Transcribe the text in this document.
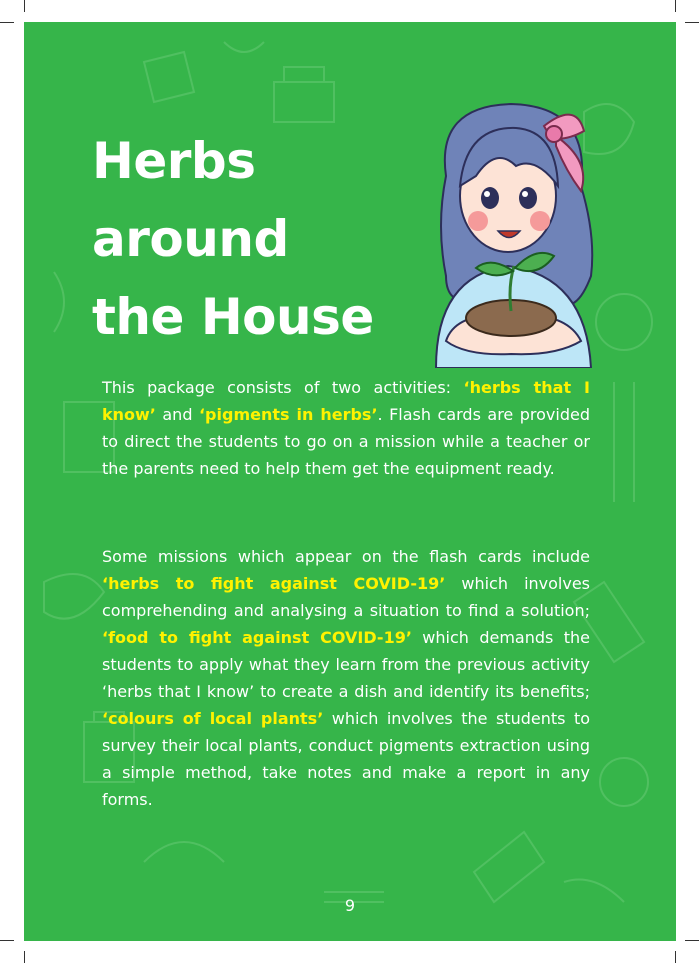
Herbs
around
the House

This package consists of two activities: ‘herbs that I know’ and ‘pigments in herbs’. Flash cards are provided to direct the students to go on a mission while a teacher or the parents need to help them get the equipment ready.

Some missions which appear on the flash cards include ‘herbs to fight against COVID-19’ which involves comprehending and analysing a situation to find a solution; ‘food to fight against COVID-19’ which demands the students to apply what they learn from the previous activity ‘herbs that I know’ to create a dish and identify its benefits; ‘colours of local plants’ which involves the students to survey their local plants, conduct pigments extraction using a simple method, take notes and make a report in any forms.

9
